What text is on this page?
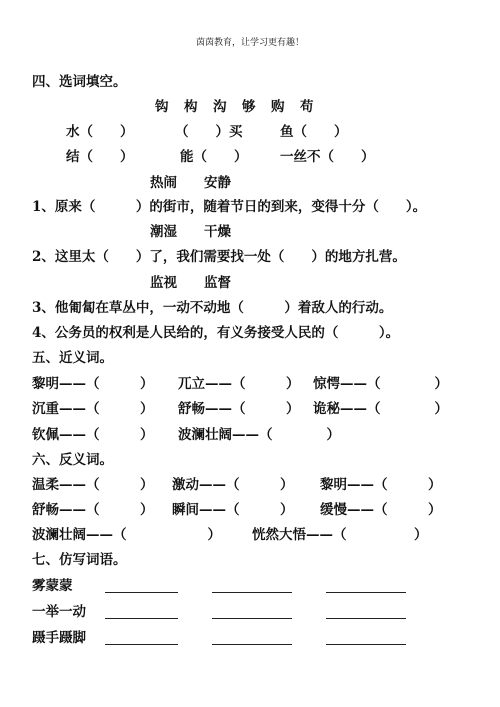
茵茵教育，让学习更有趣！
四、选词填空。
钩　构　沟　够　购　苟
水（　　）	（　　）买	鱼（　　）
结（　　）	能（　　） 一丝不（　　）
热闹　　安静
1、原来（　　　）的街市，随着节日的到来，变得十分（　　）。
潮湿　　干燥
2、这里太（　　）了，我们需要找一处（　　）的地方扎营。
监视　　监督
3、他匍匐在草丛中，一动不动地（　　　）着敌人的行动。
4、公务员的权利是人民给的，有义务接受人民的（　　　）。
五、近义词。
黎明——（　　　） 兀立——（　　　） 惊愕——（　　　　）
沉重——（　　　） 舒畅——（　　　） 诡秘——（　　　　）
钦佩——（　　　） 波澜壮阔——（　　　　）
六、反义词。
温柔——（　　　） 激动——（　　　） 黎明——（　　　）
舒畅——（　　　） 瞬间——（　　　） 缓慢——（　　　）
波澜壮阔——（　　　　　　） 恍然大悟——（　　　　　）
七、仿写词语。
雾蒙蒙
一举一动
蹑手蹑脚
